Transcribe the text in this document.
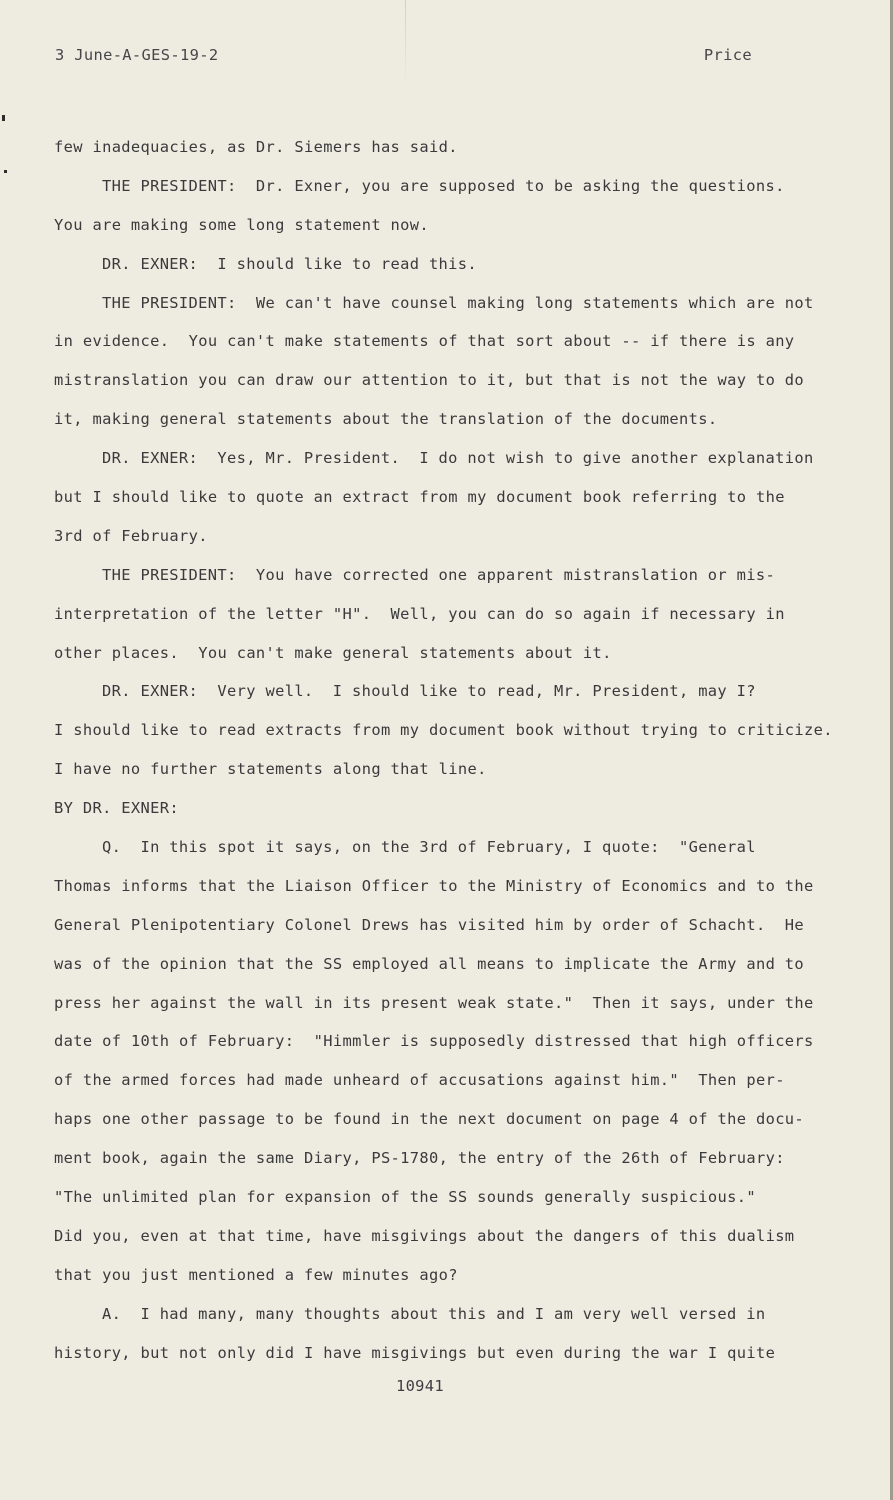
3 June-A-GES-19-2	Price
few inadequacies, as Dr. Siemers has said.
THE PRESIDENT:  Dr. Exner, you are supposed to be asking the questions.
You are making some long statement now.
DR. EXNER:  I should like to read this.
THE PRESIDENT:  We can't have counsel making long statements which are not
in evidence.  You can't make statements of that sort about -- if there is any
mistranslation you can draw our attention to it, but that is not the way to do
it, making general statements about the translation of the documents.
DR. EXNER:  Yes, Mr. President.  I do not wish to give another explanation
but I should like to quote an extract from my document book referring to the
3rd of February.
THE PRESIDENT:  You have corrected one apparent mistranslation or mis-
interpretation of the letter "H".  Well, you can do so again if necessary in
other places.  You can't make general statements about it.
DR. EXNER:  Very well.  I should like to read, Mr. President, may I?
I should like to read extracts from my document book without trying to criticize.
I have no further statements along that line.
BY DR. EXNER:
Q.  In this spot it says, on the 3rd of February, I quote:  "General
Thomas informs that the Liaison Officer to the Ministry of Economics and to the
General Plenipotentiary Colonel Drews has visited him by order of Schacht.  He
was of the opinion that the SS employed all means to implicate the Army and to
press her against the wall in its present weak state."  Then it says, under the
date of 10th of February:  "Himmler is supposedly distressed that high officers
of the armed forces had made unheard of accusations against him."  Then per-
haps one other passage to be found in the next document on page 4 of the docu-
ment book, again the same Diary, PS-1780, the entry of the 26th of February:
"The unlimited plan for expansion of the SS sounds generally suspicious."
Did you, even at that time, have misgivings about the dangers of this dualism
that you just mentioned a few minutes ago?
A.  I had many, many thoughts about this and I am very well versed in
history, but not only did I have misgivings but even during the war I quite
10941
